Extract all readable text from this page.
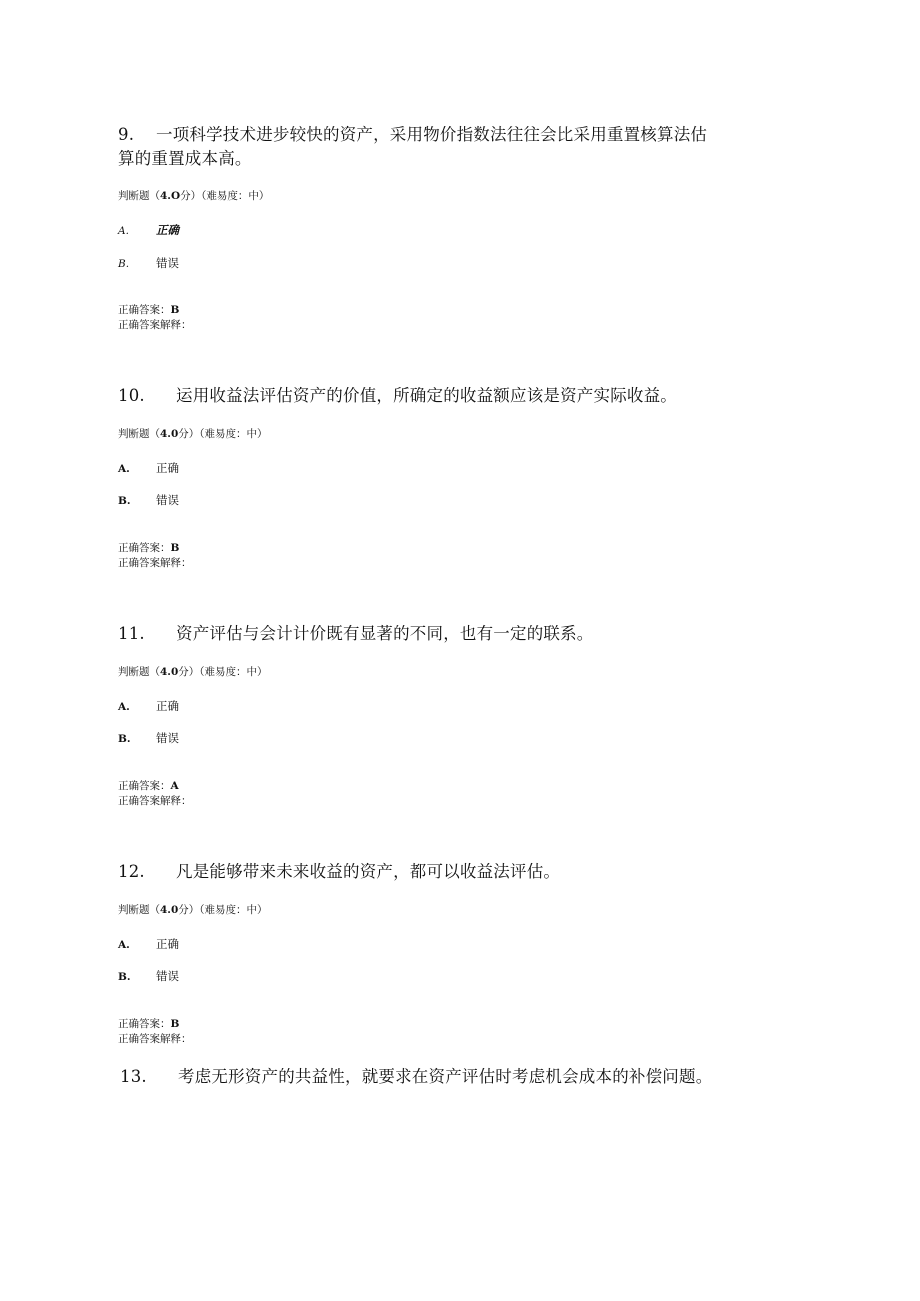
9. 一项科学技术进步较快的资产，采用物价指数法往往会比采用重置核算法估
算的重置成本高。
判断题（4.O分）（难易度：中）
A. 正确
B. 错误
正确答案：B
正确答案解释：
10. 运用收益法评估资产的价值，所确定的收益额应该是资产实际收益。
判断题（4.0分）（难易度：中）
A. 正确
B. 错误
正确答案：B
正确答案解释：
11. 资产评估与会计计价既有显著的不同，也有一定的联系。
判断题（4.0分）（难易度：中）
A. 正确
B. 错误
正确答案：A
正确答案解释：
12. 凡是能够带来未来收益的资产，都可以收益法评估。
判断题（4.0分）（难易度：中）
A. 正确
B. 错误
正确答案：B
正确答案解释：
13. 考虑无形资产的共益性，就要求在资产评估时考虑机会成本的补偿问题。
